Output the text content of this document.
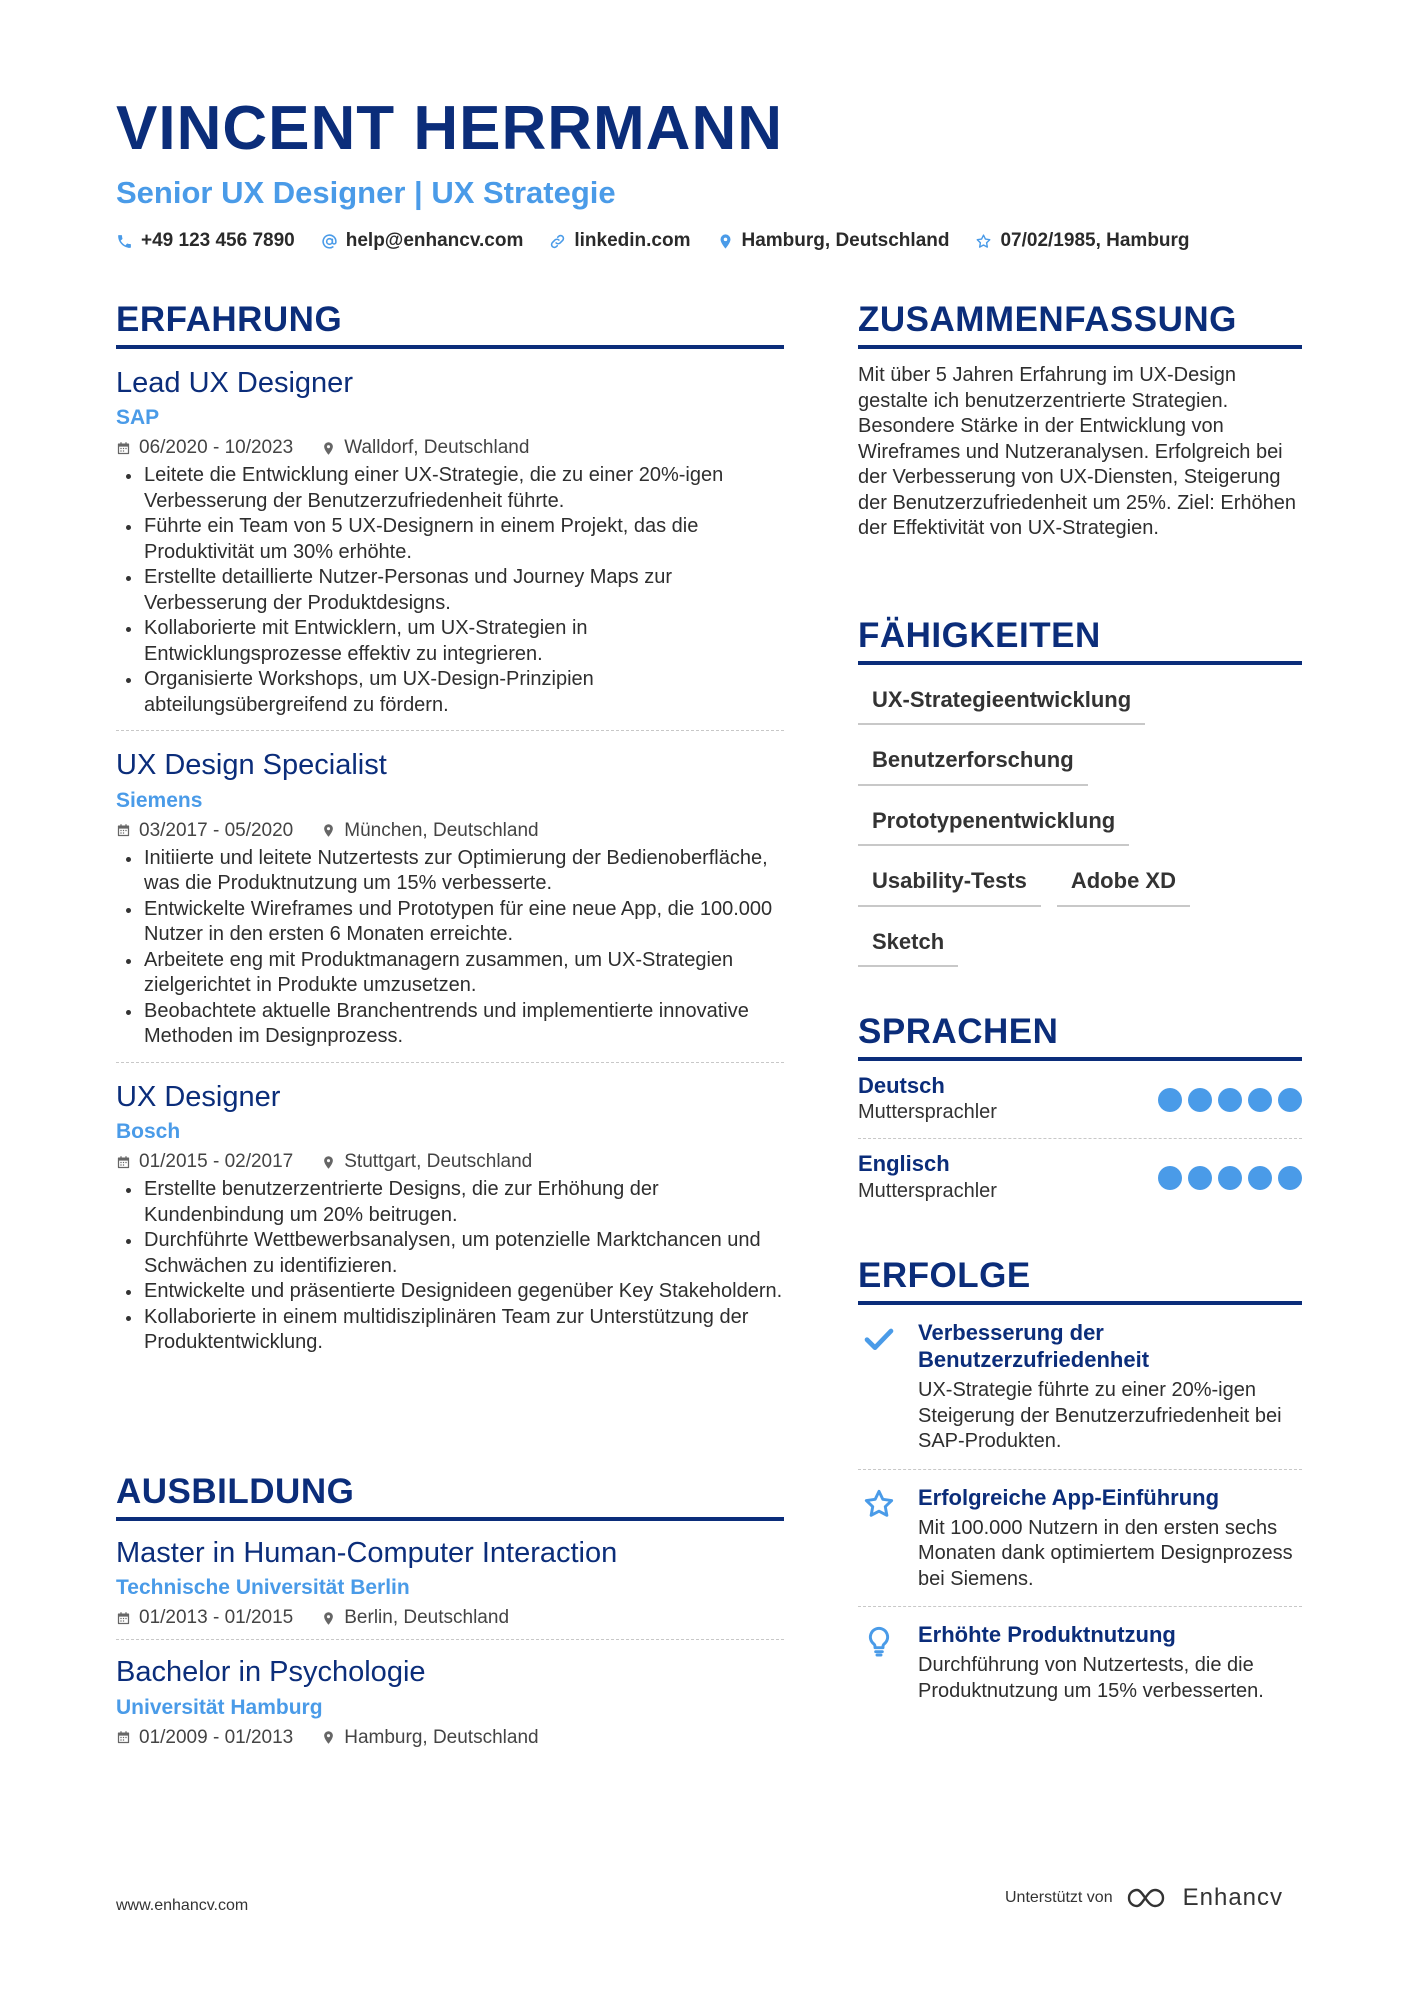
VINCENT HERRMANN
Senior UX Designer | UX Strategie
+49 123 456 7890	help@enhancv.com	linkedin.com	Hamburg, Deutschland	07/02/1985, Hamburg
ERFAHRUNG
Lead UX Designer
SAP
06/2020 - 10/2023	Walldorf, Deutschland
Leitete die Entwicklung einer UX-Strategie, die zu einer 20%-igen Verbesserung der Benutzerzufriedenheit führte.
Führte ein Team von 5 UX-Designern in einem Projekt, das die Produktivität um 30% erhöhte.
Erstellte detaillierte Nutzer-Personas und Journey Maps zur Verbesserung der Produktdesigns.
Kollaborierte mit Entwicklern, um UX-Strategien in Entwicklungsprozesse effektiv zu integrieren.
Organisierte Workshops, um UX-Design-Prinzipien abteilungsübergreifend zu fördern.
UX Design Specialist
Siemens
03/2017 - 05/2020	München, Deutschland
Initiierte und leitete Nutzertests zur Optimierung der Bedienoberfläche, was die Produktnutzung um 15% verbesserte.
Entwickelte Wireframes und Prototypen für eine neue App, die 100.000 Nutzer in den ersten 6 Monaten erreichte.
Arbeitete eng mit Produktmanagern zusammen, um UX-Strategien zielgerichtet in Produkte umzusetzen.
Beobachtete aktuelle Branchentrends und implementierte innovative Methoden im Designprozess.
UX Designer
Bosch
01/2015 - 02/2017	Stuttgart, Deutschland
Erstellte benutzerzentrierte Designs, die zur Erhöhung der Kundenbindung um 20% beitrugen.
Durchführte Wettbewerbsanalysen, um potenzielle Marktchancen und Schwächen zu identifizieren.
Entwickelte und präsentierte Designideen gegenüber Key Stakeholdern.
Kollaborierte in einem multidisziplinären Team zur Unterstützung der Produktentwicklung.
AUSBILDUNG
Master in Human-Computer Interaction
Technische Universität Berlin
01/2013 - 01/2015	Berlin, Deutschland
Bachelor in Psychologie
Universität Hamburg
01/2009 - 01/2013	Hamburg, Deutschland
ZUSAMMENFASSUNG
Mit über 5 Jahren Erfahrung im UX-Design gestalte ich benutzerzentrierte Strategien. Besondere Stärke in der Entwicklung von Wireframes und Nutzeranalysen. Erfolgreich bei der Verbesserung von UX-Diensten, Steigerung der Benutzerzufriedenheit um 25%. Ziel: Erhöhen der Effektivität von UX-Strategien.
FÄHIGKEITEN
UX-Strategieentwicklung
Benutzerforschung
Prototypenentwicklung
Usability-Tests	Adobe XD
Sketch
SPRACHEN
Deutsch
Muttersprachler
Englisch
Muttersprachler
ERFOLGE
Verbesserung der Benutzerzufriedenheit
UX-Strategie führte zu einer 20%-igen Steigerung der Benutzerzufriedenheit bei SAP-Produkten.
Erfolgreiche App-Einführung
Mit 100.000 Nutzern in den ersten sechs Monaten dank optimiertem Designprozess bei Siemens.
Erhöhte Produktnutzung
Durchführung von Nutzertests, die die Produktnutzung um 15% verbesserten.
www.enhancv.com	Unterstützt von	Enhancv
